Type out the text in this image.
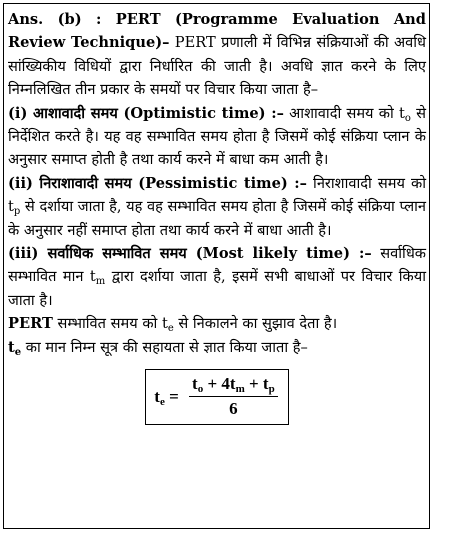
Ans. (b) : PERT (Programme Evaluation And Review Technique)– PERT प्रणाली में विभिन्न संक्रियाओं की अवधि सांख्यिकीय विधियों द्वारा निर्धारित की जाती है। अवधि ज्ञात करने के लिए निम्नलिखित तीन प्रकार के समयों पर विचार किया जाता है–

(i) आशावादी समय (Optimistic time) :– आशावादी समय को $t_o$ से निर्देशित करते है। यह वह सम्भावित समय होता है जिसमें कोई संक्रिया प्लान के अनुसार समाप्त होती है तथा कार्य करने में बाधा कम आती है।

(ii) निराशावादी समय (Pessimistic time) :– निराशावादी समय को $t_p$ से दर्शाया जाता है, यह वह सम्भावित समय होता है जिसमें कोई संक्रिया प्लान के अनुसार नहीं समाप्त होता तथा कार्य करने में बाधा आती है।

(iii) सर्वाधिक सम्भावित समय (Most likely time) :– सर्वाधिक सम्भावित मान $t_m$ द्वारा दर्शाया जाता है, इसमें सभी बाधाओं पर विचार किया जाता है।

PERT सम्भावित समय को $t_e$ से निकालने का सुझाव देता है।

$t_e$ का मान निम्न सूत्र की सहायता से ज्ञात किया जाता है–

$t_e = \frac{t_o + 4t_m + t_p}{6}$
